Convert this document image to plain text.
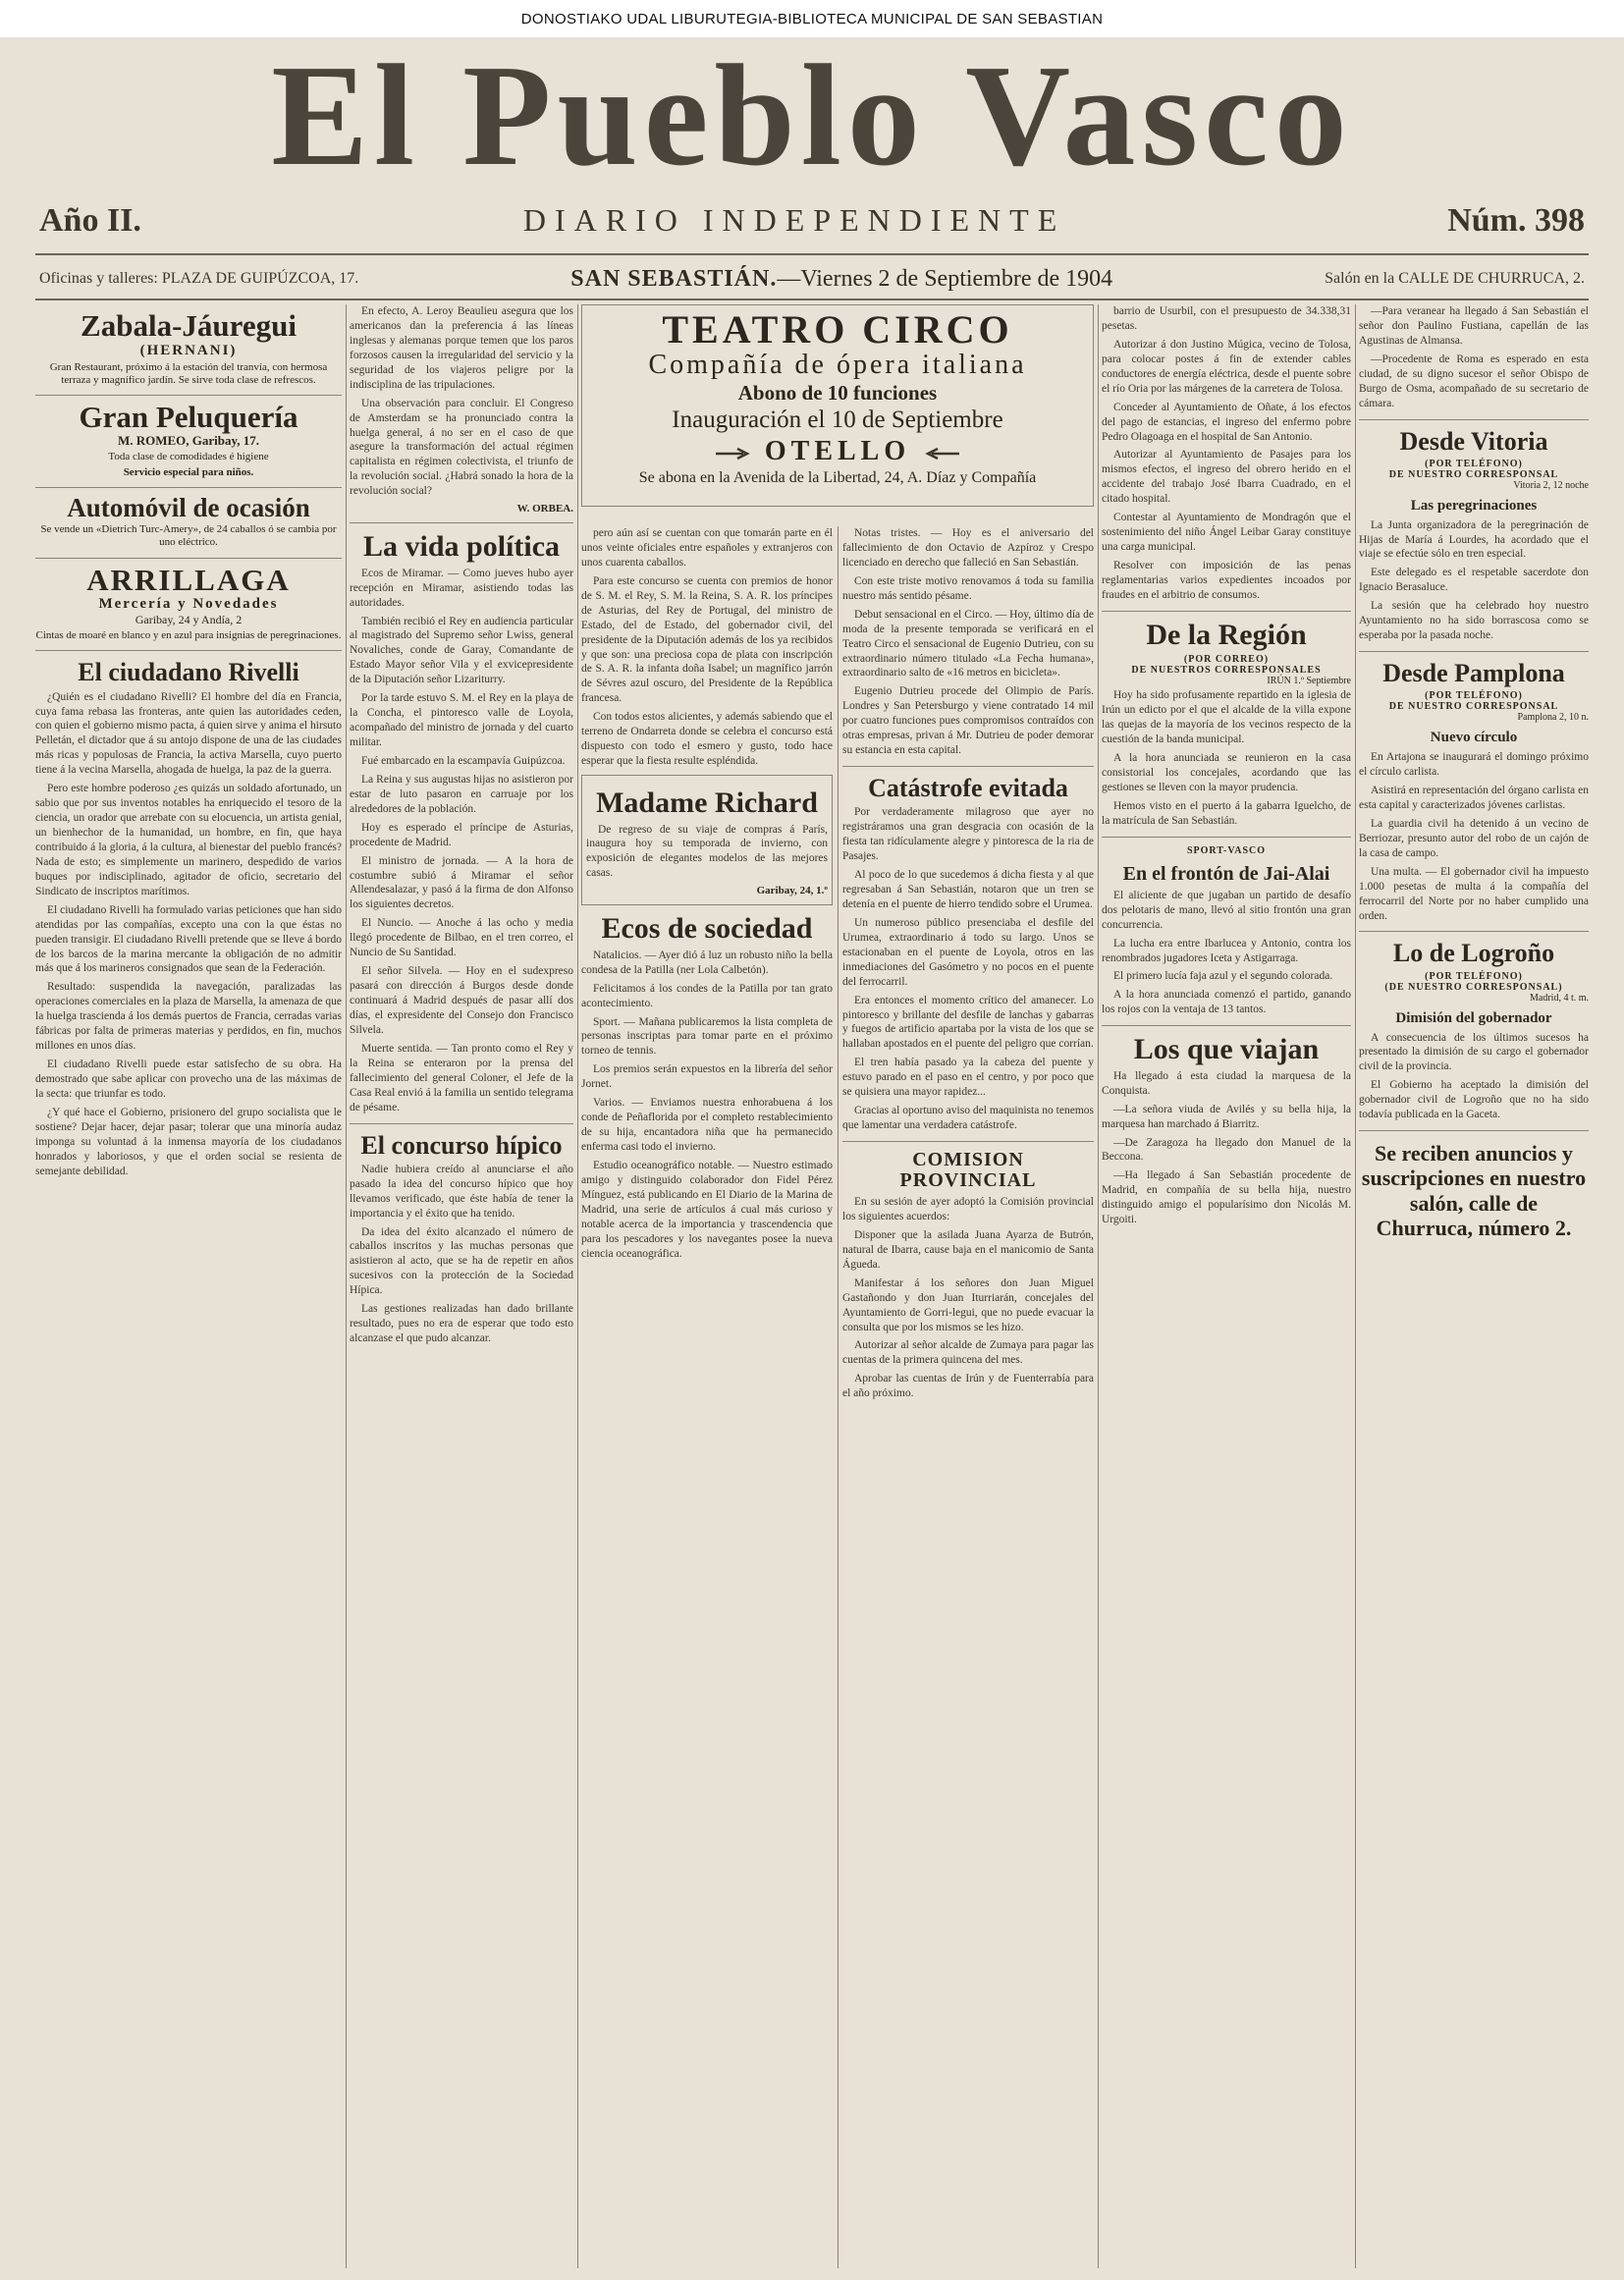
DONOSTIAKO UDAL LIBURUTEGIA-BIBLIOTECA MUNICIPAL DE SAN SEBASTIAN
El Pueblo Vasco
Año II.	DIARIO INDEPENDIENTE	Núm. 398
Oficinas y talleres: PLAZA DE GUIPÚZCOA, 17.	SAN SEBASTIÁN.—Viernes 2 de Septiembre de 1904	Salón en la CALLE DE CHURRUCA, 2.
Zabala-Jáuregui
(HERNANI)

Gran Restaurant, próximo á la estación del tranvía, con hermosa terraza y magnífico jardín. Se sirve toda clase de refrescos.

Gran Peluquería
M. ROMEO, Garibay, 17.

Toda clase de comodidades é higiene

Servicio especial para niños.

Automóvil de ocasión

Se vende un «Dietrich Turc-Amery», de 24 caballos ó se cambia por uno eléctrico.

ARRILLAGA
Mercería y Novedades
Garibay, 24 y Andía, 2

Cintas de moaré en blanco y en azul para insignias de peregrinaciones.

El ciudadano Rivelli

¿Quién es el ciudadano Rivelli? El hombre del día en Francia, cuya fama rebasa las fronteras, ante quien las autoridades ceden, con quien el gobierno mismo pacta, á quien sirve y anima el hirsuto Pelletán, el dictador que á su antojo dispone de una de las ciudades más ricas y populosas de Francia, la activa Marsella, cuyo puerto tiene á la vecina Marsella, ahogada de huelga, la paz de la guerra.

Pero este hombre poderoso ¿es quizás un soldado afortunado, un sabio que por sus inventos notables ha enriquecido el tesoro de la ciencia, un orador que arrebate con su elocuencia, un artista genial, un bienhechor de la humanidad, un hombre, en fin, que haya contribuido á la gloria, á la cultura, al bienestar del pueblo francés? Nada de esto; es simplemente un marinero, despedido de varios buques por indisciplinado, agitador de oficio, secretario del Sindicato de inscriptos marítimos.

El ciudadano Rivelli ha formulado varias peticiones que han sido atendidas por las compañías, excepto una con la que éstas no pueden transigir. El ciudadano Rivelli pretende que se lleve á bordo de los barcos de la marina mercante la obligación de no admitir más que á los marineros consignados que sean de la Federación.

Resultado: suspendida la navegación, paralizadas las operaciones comerciales en la plaza de Marsella, la amenaza de que la huelga trascienda á los demás puertos de Francia, cerradas varias fábricas por falta de primeras materias y perdidos, en fin, muchos millones en unos días.

El ciudadano Rivelli puede estar satisfecho de su obra. Ha demostrado que sabe aplicar con provecho una de las máximas de la secta: que triunfar es todo.

¿Y qué hace el Gobierno, prisionero del grupo socialista que le sostiene? Dejar hacer, dejar pasar; tolerar que una minoría audaz imponga su voluntad á la inmensa mayoría de los ciudadanos honrados y laboriosos, y que el orden social se resienta de semejante debilidad.

En efecto, A. Leroy Beaulieu asegura que los americanos dan la preferencia á las líneas inglesas y alemanas porque temen que los paros forzosos causen la irregularidad del servicio y la seguridad de los viajeros peligre por la indisciplina de las tripulaciones.

Una observación para concluir. El Congreso de Amsterdam se ha pronunciado contra la huelga general, á no ser en el caso de que asegure la transformación del actual régimen capitalista en régimen colectivista, el triunfo de la revolución social. ¿Habrá sonado la hora de la revolución social?

W. ORBEA.
La vida política

Ecos de Miramar. — Como jueves hubo ayer recepción en Miramar, asistiendo todas las autoridades.

También recibió el Rey en audiencia particular al magistrado del Supremo señor Lwiss, general Novaliches, conde de Garay, Comandante de Estado Mayor señor Vila y el exvicepresidente de la Diputación señor Lizariturry.

Por la tarde estuvo S. M. el Rey en la playa de la Concha, el pintoresco valle de Loyola, acompañado del ministro de jornada y del cuarto militar.

Fué embarcado en la escampavía Guipúzcoa.

La Reina y sus augustas hijas no asistieron por estar de luto pasaron en carruaje por los alrededores de la población.

Hoy es esperado el príncipe de Asturias, procedente de Madrid.

El ministro de jornada. — A la hora de costumbre subió á Miramar el señor Allendesalazar, y pasó á la firma de don Alfonso los siguientes decretos.

El Nuncio. — Anoche á las ocho y media llegó procedente de Bilbao, en el tren correo, el Nuncio de Su Santidad.

El señor Silvela. — Hoy en el sudexpreso pasará con dirección á Burgos desde donde continuará á Madrid después de pasar allí dos días, el expresidente del Consejo don Francisco Silvela.

Muerte sentida. — Tan pronto como el Rey y la Reina se enteraron por la prensa del fallecimiento del general Coloner, el Jefe de la Casa Real envió á la familia un sentido telegrama de pésame.

El concurso hípico

Nadie hubiera creído al anunciarse el año pasado la idea del concurso hípico que hoy llevamos verificado, que éste había de tener la importancia y el éxito que ha tenido.

Da idea del éxito alcanzado el número de caballos inscritos y las muchas personas que asistieron al acto, que se ha de repetir en años sucesivos con la protección de la Sociedad Hípica.

Las gestiones realizadas han dado brillante resultado, pues no era de esperar que todo esto alcanzase el que pudo alcanzar.

TEATRO CIRCO
Compañía de ópera italiana
Abono de 10 funciones
Inauguración el 10 de Septiembre
OTELLO
Se abona en la Avenida de la Libertad, 24, A. Díaz y Compañía

pero aún así se cuentan con que tomarán parte en él unos veinte oficiales entre españoles y extranjeros con unos cuarenta caballos.

Para este concurso se cuenta con premios de honor de S. M. el Rey, S. M. la Reina, S. A. R. los príncipes de Asturias, del Rey de Portugal, del ministro de Estado, del de Estado, del gobernador civil, del presidente de la Diputación además de los ya recibidos y que son: una preciosa copa de plata con inscripción de S. A. R. la infanta doña Isabel; un magnífico jarrón de Sévres azul oscuro, del Presidente de la República francesa.

Con todos estos alicientes, y además sabiendo que el terreno de Ondarreta donde se celebra el concurso está dispuesto con todo el esmero y gusto, todo hace esperar que la fiesta resulte espléndida.

Madame Richard

De regreso de su viaje de compras á París, inaugura hoy su temporada de invierno, con exposición de elegantes modelos de las mejores casas.

Garibay, 24, 1.º
Ecos de sociedad

Natalicios. — Ayer dió á luz un robusto niño la bella condesa de la Patilla (ner Lola Calbetón).

Felicitamos á los condes de la Patilla por tan grato acontecimiento.

Sport. — Mañana publicaremos la lista completa de personas inscriptas para tomar parte en el próximo torneo de tennis.

Los premios serán expuestos en la librería del señor Jornet.

Varios. — Enviamos nuestra enhorabuena á los conde de Peñaflorida por el completo restablecimiento de su hija, encantadora niña que ha permanecido enferma casi todo el invierno.

Estudio oceanográfico notable. — Nuestro estimado amigo y distinguido colaborador don Fidel Pérez Mínguez, está publicando en El Diario de la Marina de Madrid, una serie de artículos á cual más curioso y notable acerca de la importancia y trascendencia que para los pescadores y los navegantes posee la nueva ciencia oceanográfica.

Notas tristes. — Hoy es el aniversario del fallecimiento de don Octavio de Azpíroz y Crespo licenciado en derecho que falleció en San Sebastián.

Con este triste motivo renovamos á toda su familia nuestro más sentido pésame.

Debut sensacional en el Circo. — Hoy, último día de moda de la presente temporada se verificará en el Teatro Circo el sensacional de Eugenio Dutrieu, con su extraordinario número titulado «La Fecha humana», extraordinario salto de «16 metros en bicicleta».

Eugenio Dutrieu procede del Olimpio de París. Londres y San Petersburgo y viene contratado 14 mil por cuatro funciones pues compromisos contraídos con otras empresas, privan á Mr. Dutrieu de poder demorar su estancia en esta capital.

Catástrofe evitada

Por verdaderamente milagroso que ayer no registráramos una gran desgracia con ocasión de la fiesta tan ridículamente alegre y pintoresca de la ria de Pasajes.

Al poco de lo que sucedemos á dicha fiesta y al que regresaban á San Sebastián, notaron que un tren se detenía en el puente de hierro tendido sobre el Urumea.

Un numeroso público presenciaba el desfile del Urumea, extraordinario á todo su largo. Unos se estacionaban en el puente de Loyola, otros en las inmediaciones del Gasómetro y no pocos en el puente del ferrocarril.

Era entonces el momento crítico del amanecer. Lo pintoresco y brillante del desfile de lanchas y gabarras y fuegos de artificio apartaba por la vista de los que se hallaban apostados en el puente del peligro que corrían.

El tren había pasado ya la cabeza del puente y estuvo parado en el paso en el centro, y por poco que se quisiera una mayor rapidez...

Gracias al oportuno aviso del maquinista no tenemos que lamentar una verdadera catástrofe.

COMISION PROVINCIAL

En su sesión de ayer adoptó la Comisión provincial los siguientes acuerdos:

Disponer que la asilada Juana Ayarza de Butrón, natural de Ibarra, cause baja en el manicomio de Santa Águeda.

Manifestar á los señores don Juan Miguel Gastañondo y don Juan Iturriarán, concejales del Ayuntamiento de Gorri-legui, que no puede evacuar la consulta que por los mismos se les hizo.

Autorizar al señor alcalde de Zumaya para pagar las cuentas de la primera quincena del mes.

Aprobar las cuentas de Irún y de Fuenterrabía para el año próximo.

barrio de Usurbil, con el presupuesto de 34.338,31 pesetas.

Autorizar á don Justino Múgica, vecino de Tolosa, para colocar postes á fin de extender cables conductores de energía eléctrica, desde el puente sobre el río Oria por las márgenes de la carretera de Tolosa.

Conceder al Ayuntamiento de Oñate, á los efectos del pago de estancias, el ingreso del enfermo pobre Pedro Olagoaga en el hospital de San Antonio.

Autorizar al Ayuntamiento de Pasajes para los mismos efectos, el ingreso del obrero herido en el accidente del trabajo José Ibarra Cuadrado, en el citado hospital.

Contestar al Ayuntamiento de Mondragón que el sostenimiento del niño Ángel Leibar Garay constituye una carga municipal.

Resolver con imposición de las penas reglamentarias varios expedientes incoados por fraudes en el arbitrio de consumos.

De la Región
(POR CORREO)
DE NUESTROS CORRESPONSALES
IRÚN 1.º Septiembre

Hoy ha sido profusamente repartido en la iglesia de Irún un edicto por el que el alcalde de la villa expone las quejas de la mayoría de los vecinos respecto de la cuestión de la banda municipal.

A la hora anunciada se reunieron en la casa consistorial los concejales, acordando que las gestiones se lleven con la mayor prudencia.

Hemos visto en el puerto á la gabarra Iguelcho, de la matrícula de San Sebastián.

SPORT-VASCO
En el frontón de Jai-Alai

El aliciente de que jugaban un partido de desafío dos pelotaris de mano, llevó al sitio frontón una gran concurrencia.

La lucha era entre Ibarlucea y Antonio, contra los renombrados jugadores Iceta y Astigarraga.

El primero lucía faja azul y el segundo colorada.

A la hora anunciada comenzó el partido, ganando los rojos con la ventaja de 13 tantos.

Los que viajan

Ha llegado á esta ciudad la marquesa de la Conquista.

—La señora viuda de Avilés y su bella hija, la marquesa han marchado á Biarritz.

—De Zaragoza ha llegado don Manuel de la Beccona.

—Ha llegado á San Sebastián procedente de Madrid, en compañía de su bella hija, nuestro distinguido amigo el popularísimo don Nicolás M. Urgoiti.

—Para veranear ha llegado á San Sebastián el señor don Paulino Fustiana, capellán de las Agustinas de Almansa.

—Procedente de Roma es esperado en esta ciudad, de su digno sucesor el señor Obispo de Burgo de Osma, acompañado de su secretario de cámara.

Desde Vitoria
(POR TELÉFONO)
DE NUESTRO CORRESPONSAL
Vitoria 2, 12 noche
Las peregrinaciones

La Junta organizadora de la peregrinación de Hijas de María á Lourdes, ha acordado que el viaje se efectúe sólo en tren especial.

Este delegado es el respetable sacerdote don Ignacio Berasaluce.

La sesión que ha celebrado hoy nuestro Ayuntamiento no ha sido borrascosa como se esperaba por la pasada noche.

Desde Pamplona
(POR TELÉFONO)
DE NUESTRO CORRESPONSAL
Pamplona 2, 10 n.
Nuevo círculo

En Artajona se inaugurará el domingo próximo el círculo carlista.

Asistirá en representación del órgano carlista en esta capital y caracterizados jóvenes carlistas.

La guardia civil ha detenido á un vecino de Berriozar, presunto autor del robo de un cajón de la casa de campo.

Una multa. — El gobernador civil ha impuesto 1.000 pesetas de multa á la compañía del ferrocarril del Norte por no haber cumplido una orden.

Lo de Logroño
(POR TELÉFONO)
(DE NUESTRO CORRESPONSAL)
Madrid, 4 t. m.
Dimisión del gobernador

A consecuencia de los últimos sucesos ha presentado la dimisión de su cargo el gobernador civil de la provincia.

El Gobierno ha aceptado la dimisión del gobernador civil de Logroño que no ha sido todavía publicada en la Gaceta.

Se reciben anuncios y suscripciones en nuestro salón, calle de Churruca, número 2.
